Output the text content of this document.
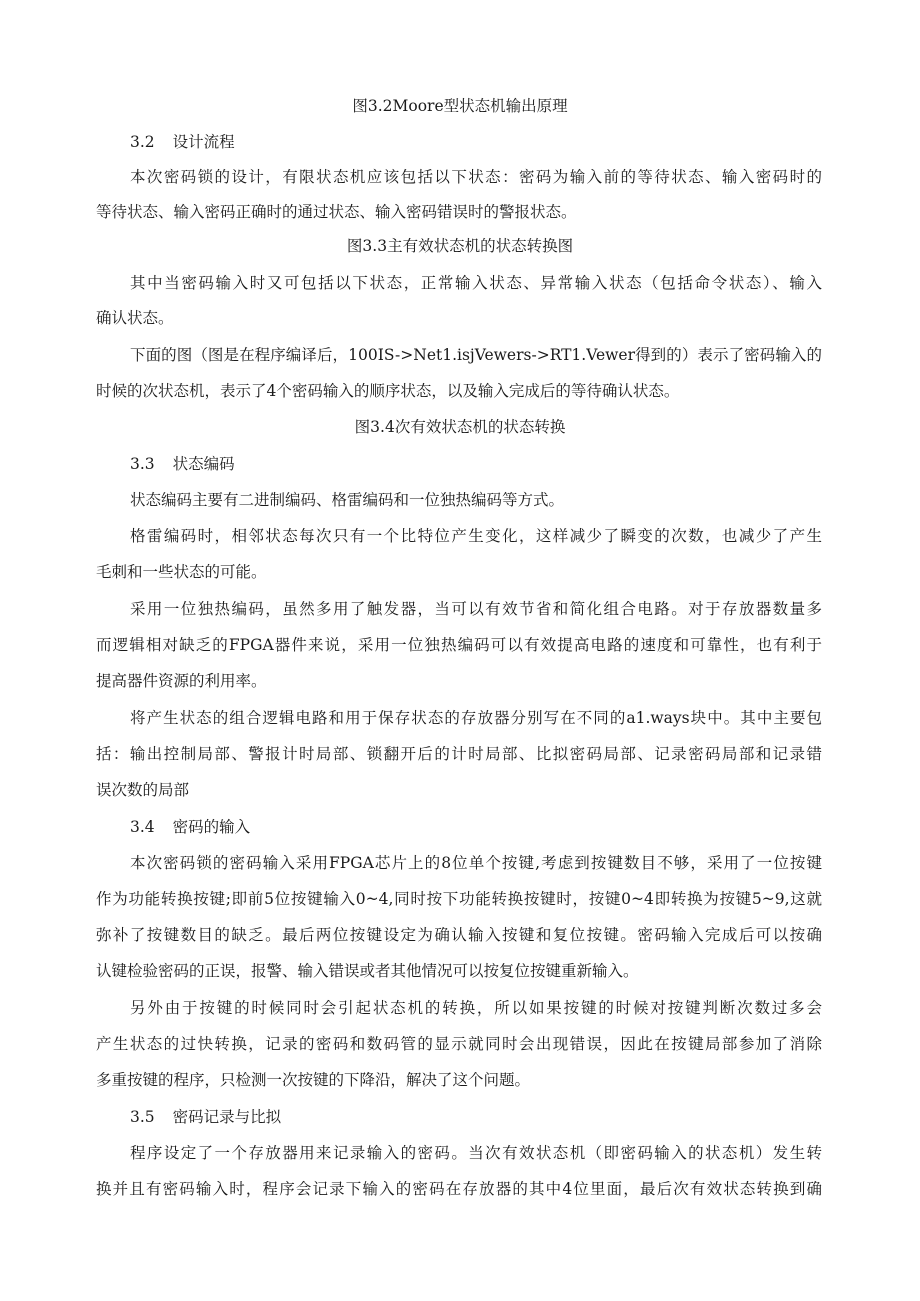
图3.2Moore型状态机输出原理
3.2 设计流程
本次密码锁的设计，有限状态机应该包括以下状态：密码为输入前的等待状态、输入密码时的
等待状态、输入密码正确时的通过状态、输入密码错误时的警报状态。
图3.3主有效状态机的状态转换图
其中当密码输入时又可包括以下状态，正常输入状态、异常输入状态（包括命令状态）、输入
确认状态。
下面的图（图是在程序编译后，100IS->Net1.isjVewers->RT1.Vewer得到的）表示了密码输入的
时候的次状态机，表示了4个密码输入的顺序状态，以及输入完成后的等待确认状态。
图3.4次有效状态机的状态转换
3.3 状态编码
状态编码主要有二进制编码、格雷编码和一位独热编码等方式。
格雷编码时，相邻状态每次只有一个比特位产生变化，这样减少了瞬变的次数，也减少了产生
毛刺和一些状态的可能。
采用一位独热编码，虽然多用了触发器，当可以有效节省和简化组合电路。对于存放器数量多
而逻辑相对缺乏的FPGA器件来说，采用一位独热编码可以有效提高电路的速度和可靠性，也有利于
提高器件资源的利用率。
将产生状态的组合逻辑电路和用于保存状态的存放器分别写在不同的a1.ways块中。其中主要包
括：输出控制局部、警报计时局部、锁翻开后的计时局部、比拟密码局部、记录密码局部和记录错
误次数的局部
3.4 密码的输入
本次密码锁的密码输入采用FPGA芯片上的8位单个按键,考虑到按键数目不够，采用了一位按键
作为功能转换按键;即前5位按键输入0~4,同时按下功能转换按键时，按键0~4即转换为按键5~9,这就
弥补了按键数目的缺乏。最后两位按键设定为确认输入按键和复位按键。密码输入完成后可以按确
认键检验密码的正误，报警、输入错误或者其他情况可以按复位按键重新输入。
另外由于按键的时候同时会引起状态机的转换，所以如果按键的时候对按键判断次数过多会
产生状态的过快转换，记录的密码和数码管的显示就同时会出现错误，因此在按键局部参加了消除
多重按键的程序，只检测一次按键的下降沿，解决了这个问题。
3.5 密码记录与比拟
程序设定了一个存放器用来记录输入的密码。当次有效状态机（即密码输入的状态机）发生转
换并且有密码输入时，程序会记录下输入的密码在存放器的其中4位里面，最后次有效状态转换到确
